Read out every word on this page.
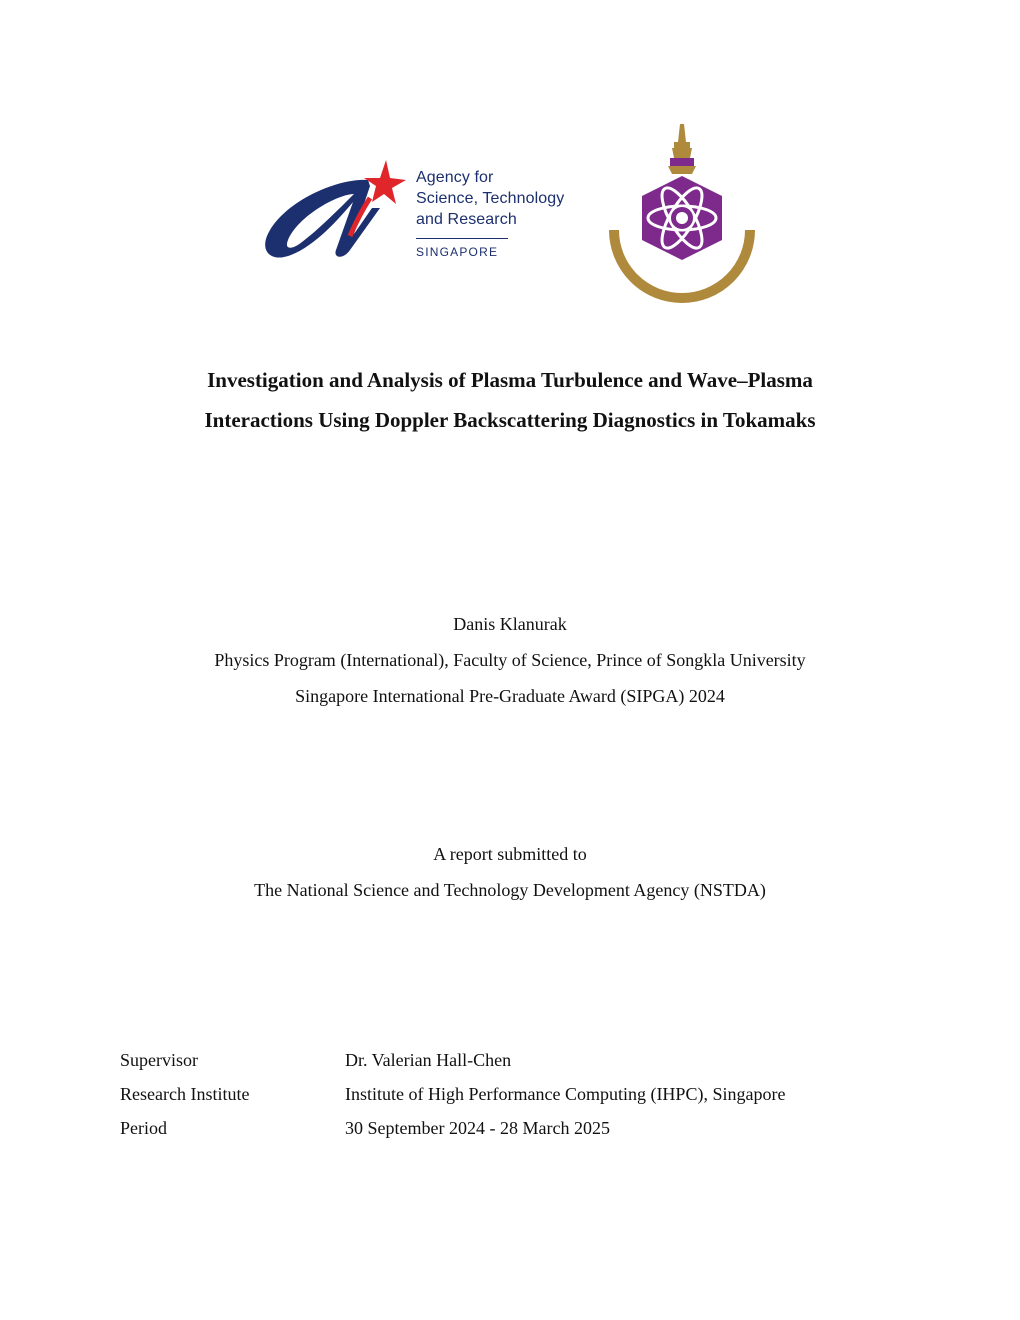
Agency for
Science, Technology
and Research
SINGAPORE
Investigation and Analysis of Plasma Turbulence and Wave–Plasma
Interactions Using Doppler Backscattering Diagnostics in Tokamaks
Danis Klanurak
Physics Program (International), Faculty of Science, Prince of Songkla University
Singapore International Pre-Graduate Award (SIPGA) 2024
A report submitted to
The National Science and Technology Development Agency (NSTDA)
Supervisor	Dr. Valerian Hall-Chen
Research Institute	Institute of High Performance Computing (IHPC), Singapore
Period	30 September 2024 - 28 March 2025
